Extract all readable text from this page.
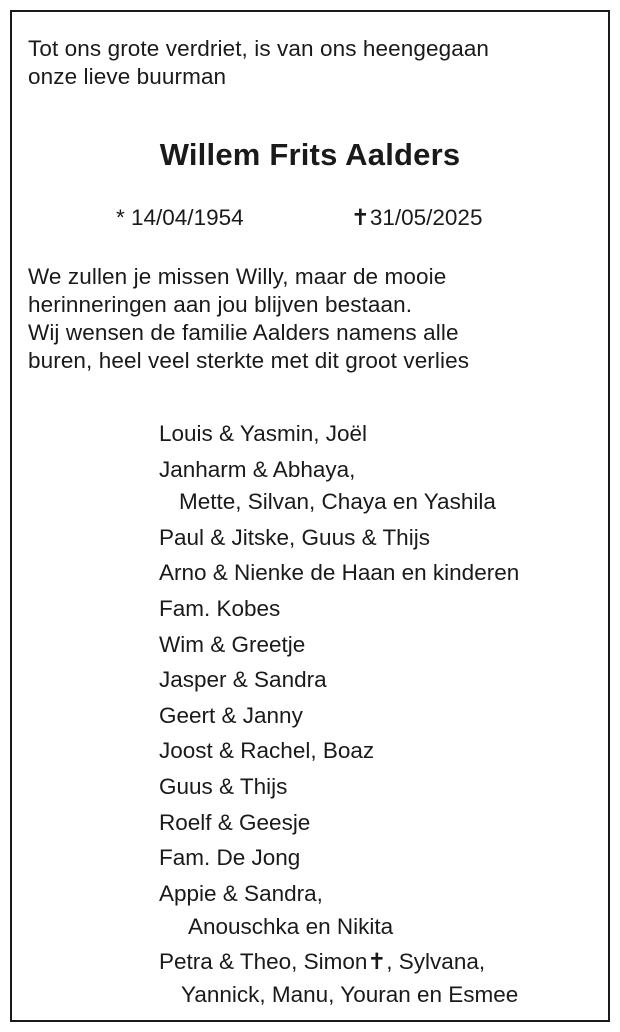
Tot ons grote verdriet, is van ons heengegaan
onze lieve buurman
Willem Frits Aalders
* 14/04/1954	✝31/05/2025
We zullen je missen Willy, maar de mooie
herinneringen aan jou blijven bestaan.
Wij wensen de familie Aalders namens alle
buren, heel veel sterkte met dit groot verlies
Louis & Yasmin, Joël
Janharm & Abhaya,
Mette, Silvan, Chaya en Yashila
Paul & Jitske, Guus & Thijs
Arno & Nienke de Haan en kinderen
Fam. Kobes
Wim & Greetje
Jasper & Sandra
Geert & Janny
Joost & Rachel, Boaz
Guus & Thijs
Roelf & Geesje
Fam. De Jong
Appie & Sandra,
Anouschka en Nikita
Petra & Theo, Simon✝, Sylvana,
Yannick, Manu, Youran en Esmee
